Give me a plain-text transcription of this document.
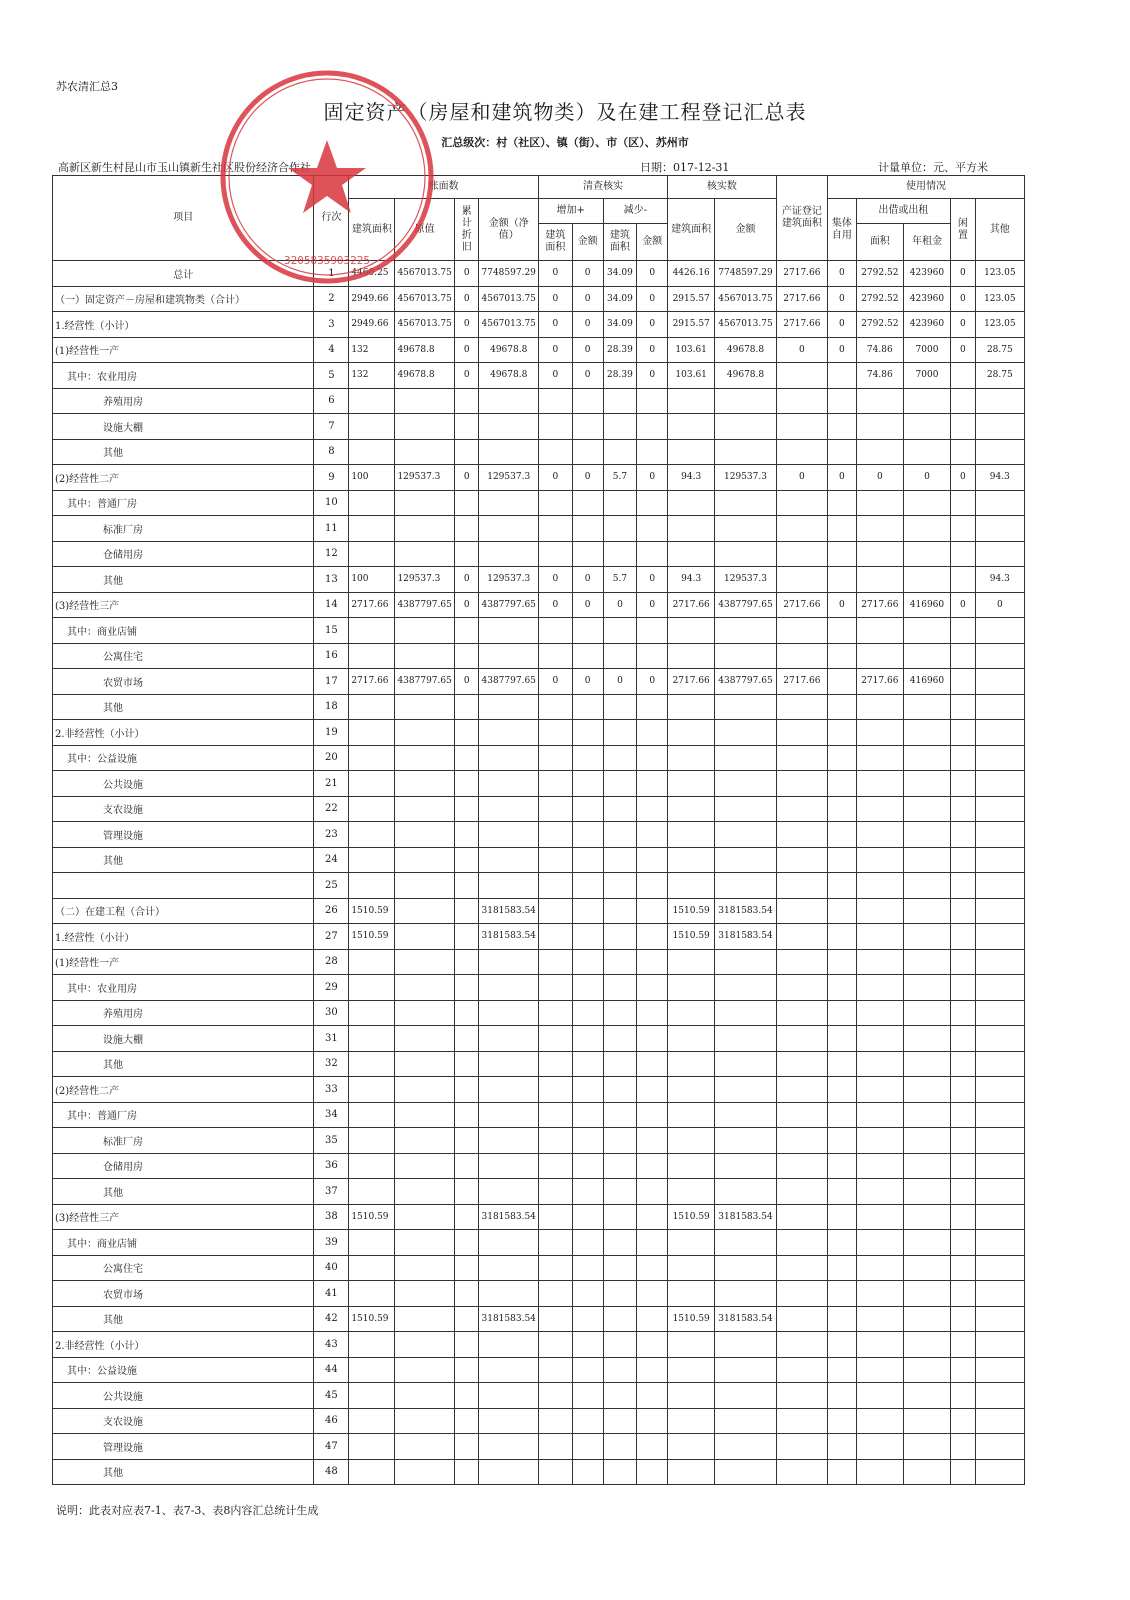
苏农清汇总3
固定资产（房屋和建筑物类）及在建工程登记汇总表
汇总级次：村（社区）、镇（街）、市（区）、苏州市
高新区新生村昆山市玉山镇新生社区股份经济合作社	日期：017-12-31	计量单位：元、平方米
项目	行次	账面数				清查核实				核实数		产证登记建筑面积	使用情况				
		建筑面积	原值	累计折旧	金额（净值）	增加+		减少-		建筑面积	金额		集体自用	出借或出租		闲置	其他
						建筑面积	金额	建筑面积	金额					面积	年租金		
总计	1	4460.25	4567013.75	0	7748597.29	0	0	34.09	0	4426.16	7748597.29	2717.66	0	2792.52	423960	0	123.05
（一）固定资产－房屋和建筑物类（合计）	2	2949.66	4567013.75	0	4567013.75	0	0	34.09	0	2915.57	4567013.75	2717.66	0	2792.52	423960	0	123.05
1.经营性（小计）	3	2949.66	4567013.75	0	4567013.75	0	0	34.09	0	2915.57	4567013.75	2717.66	0	2792.52	423960	0	123.05
(1)经营性一产	4	132	49678.8	0	49678.8	0	0	28.39	0	103.61	49678.8	0	0	74.86	7000	0	28.75
其中：农业用房	5	132	49678.8	0	49678.8	0	0	28.39	0	103.61	49678.8			74.86	7000		28.75
养殖用房	6																
设施大棚	7																
其他	8																
(2)经营性二产	9	100	129537.3	0	129537.3	0	0	5.7	0	94.3	129537.3	0	0	0	0	0	94.3
其中：普通厂房	10																
标准厂房	11																
仓储用房	12																
其他	13	100	129537.3	0	129537.3	0	0	5.7	0	94.3	129537.3						94.3
(3)经营性三产	14	2717.66	4387797.65	0	4387797.65	0	0	0	0	2717.66	4387797.65	2717.66	0	2717.66	416960	0	0
其中：商业店铺	15																
公寓住宅	16																
农贸市场	17	2717.66	4387797.65	0	4387797.65	0	0	0	0	2717.66	4387797.65	2717.66		2717.66	416960		
其他	18																
2.非经营性（小计）	19																
其中：公益设施	20																
公共设施	21																
支农设施	22																
管理设施	23																
其他	24																
	25																
（二）在建工程（合计）	26	1510.59			3181583.54					1510.59	3181583.54						
1.经营性（小计）	27	1510.59			3181583.54					1510.59	3181583.54						
(1)经营性一产	28																
其中：农业用房	29																
养殖用房	30																
设施大棚	31																
其他	32																
(2)经营性二产	33																
其中：普通厂房	34																
标准厂房	35																
仓储用房	36																
其他	37																
(3)经营性三产	38	1510.59			3181583.54					1510.59	3181583.54						
其中：商业店铺	39																
公寓住宅	40																
农贸市场	41																
其他	42	1510.59			3181583.54					1510.59	3181583.54						
2.非经营性（小计）	43																
其中：公益设施	44																
公共设施	45																
支农设施	46																
管理设施	47																
其他	48																
说明：此表对应表7-1、表7-3、表8内容汇总统计生成
3205835903225
